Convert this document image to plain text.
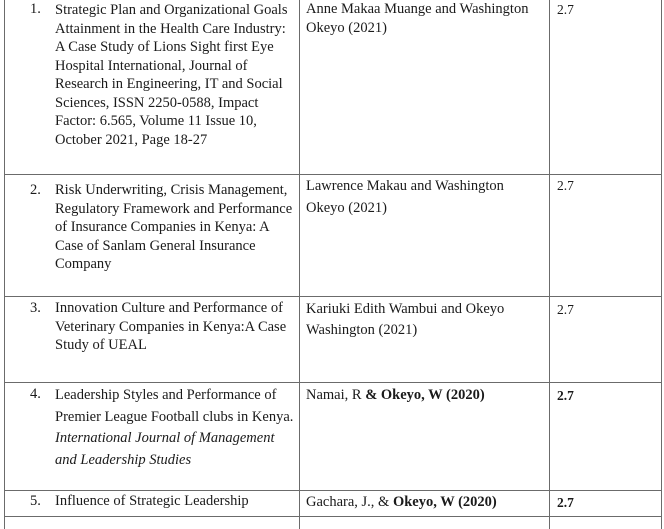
1. Strategic Plan and Organizational Goals Attainment in the Health Care Industry: A Case Study of Lions Sight first Eye Hospital International, Journal of Research in Engineering, IT and Social Sciences, ISSN 2250-0588, Impact Factor: 6.565, Volume 11 Issue 10, October 2021, Page 18-27
Anne Makaa Muange and Washington Okeyo (2021)
2.7
2. Risk Underwriting, Crisis Management, Regulatory Framework and Performance of Insurance Companies in Kenya: A Case of Sanlam General Insurance Company
Lawrence Makau and Washington Okeyo (2021)
2.7
3. Innovation Culture and Performance of Veterinary Companies in Kenya:A Case Study of UEAL
Kariuki Edith Wambui and Okeyo Washington (2021)
2.7
4. Leadership Styles and Performance of Premier League Football clubs in Kenya. International Journal of Management and Leadership Studies
Namai, R & Okeyo, W (2020)	2.7
5. Influence of Strategic Leadership	Gachara, J., & Okeyo, W (2020)	2.7
